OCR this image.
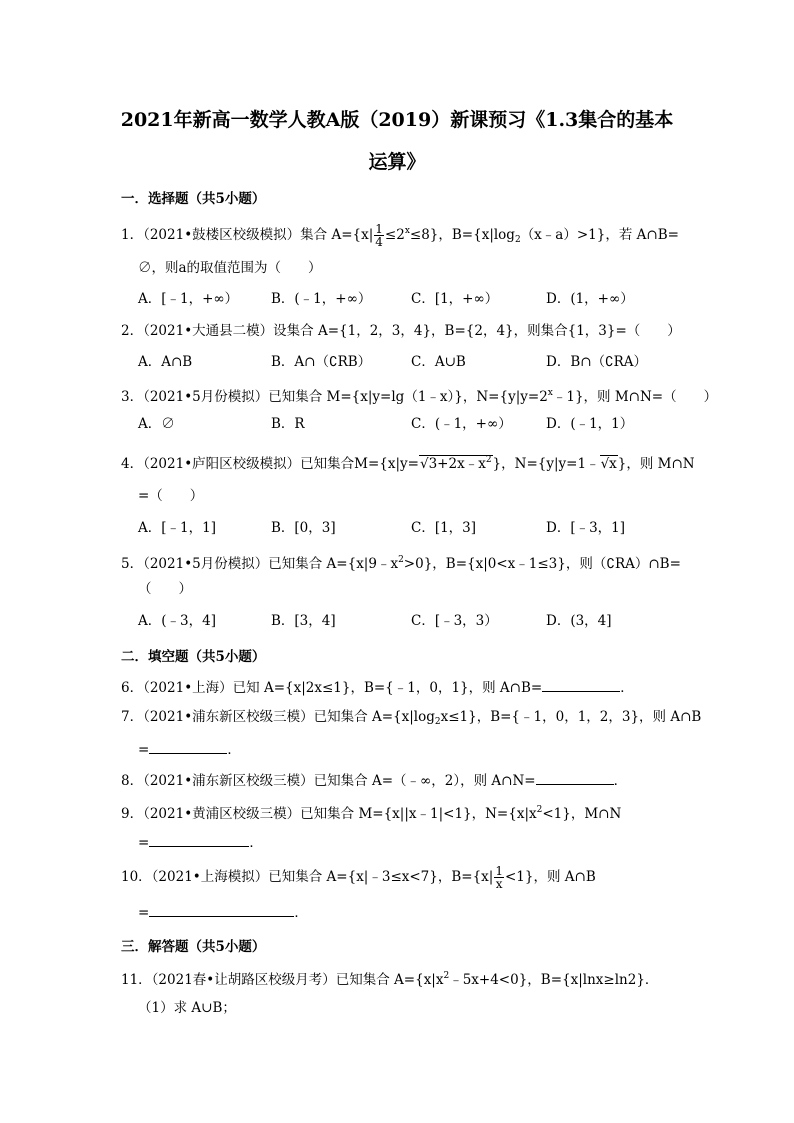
2021年新高一数学人教A版（2019）新课预习《1.3集合的基本
运算》
一．选择题（共5小题）
1．（2021•鼓楼区校级模拟）集合 $A=\{x| \frac{1}{4} \le 2^x\le 8\}$，$B=\{x|\log_2(x﹣a)>1\}$，若 A∩B=
∅，则a的取值范围为（　　）
A．[﹣1，+∞） B．(﹣1，+∞）	C．[1，+∞）	D．(1，+∞）
2．（2021•大通县二模）设集合 A={1，2，3，4}，B={2，4}，则集合{1，3}=（　　）
A．A∩B	B．A∩（∁RB）	C．A∪B	D．B∩（∁RA）
3．（2021•5月份模拟）已知集合 M={x|y=lg（1﹣x）}，$N=\{y|y=2^x﹣1\}$，则 M∩N=（　　）
A．∅	B．R	C．(﹣1，+∞）	D．(﹣1，1）
4．（2021•庐阳区校级模拟）已知集合$M=\{x|y=√3+2x﹣x^2\}$，N={y|y=1﹣√x}，则 M∩N
=（　　）
A．[﹣1，1]	B．[0，3]	C．[1，3]	D．[﹣3，1]
5．（2021•5月份模拟）已知集合 $A=\{x|9﹣x^2>0\}$，B={x|0<x﹣1≤3}，则（∁RA）∩B=
（　　）
A．(﹣3，4]	B．[3，4]	C．[﹣3，3）	D．(3，4]
二．填空题（共5小题）
6．（2021•上海）已知 A={x|2x≤1}，B={﹣1，0，1}，则 A∩B=	．
7．（2021•浦东新区校级三模）已知集合 $A=\{x|\log_2x\le 1\}$，B={﹣1，0，1，2，3}，则 A∩B
=	．
8．（2021•浦东新区校级三模）已知集合 A=（﹣∞，2），则 A∩N=	．
9．（2021•黄浦区校级三模）已知集合 M={x||x﹣1|<1}，$N=\{x|x^2<1\}$，M∩N
=	．
10．（2021•上海模拟）已知集合 A={x|﹣3≤x<7}，$B=\{x| \frac{1}{x} <1\}$，则 A∩B
=	．
三．解答题（共5小题）
11．（2021春•让胡路区校级月考）已知集合 $A=\{x|x^2﹣5x+4<0\}$，B={x|lnx≥ln2}．
（1）求 A∪B；
